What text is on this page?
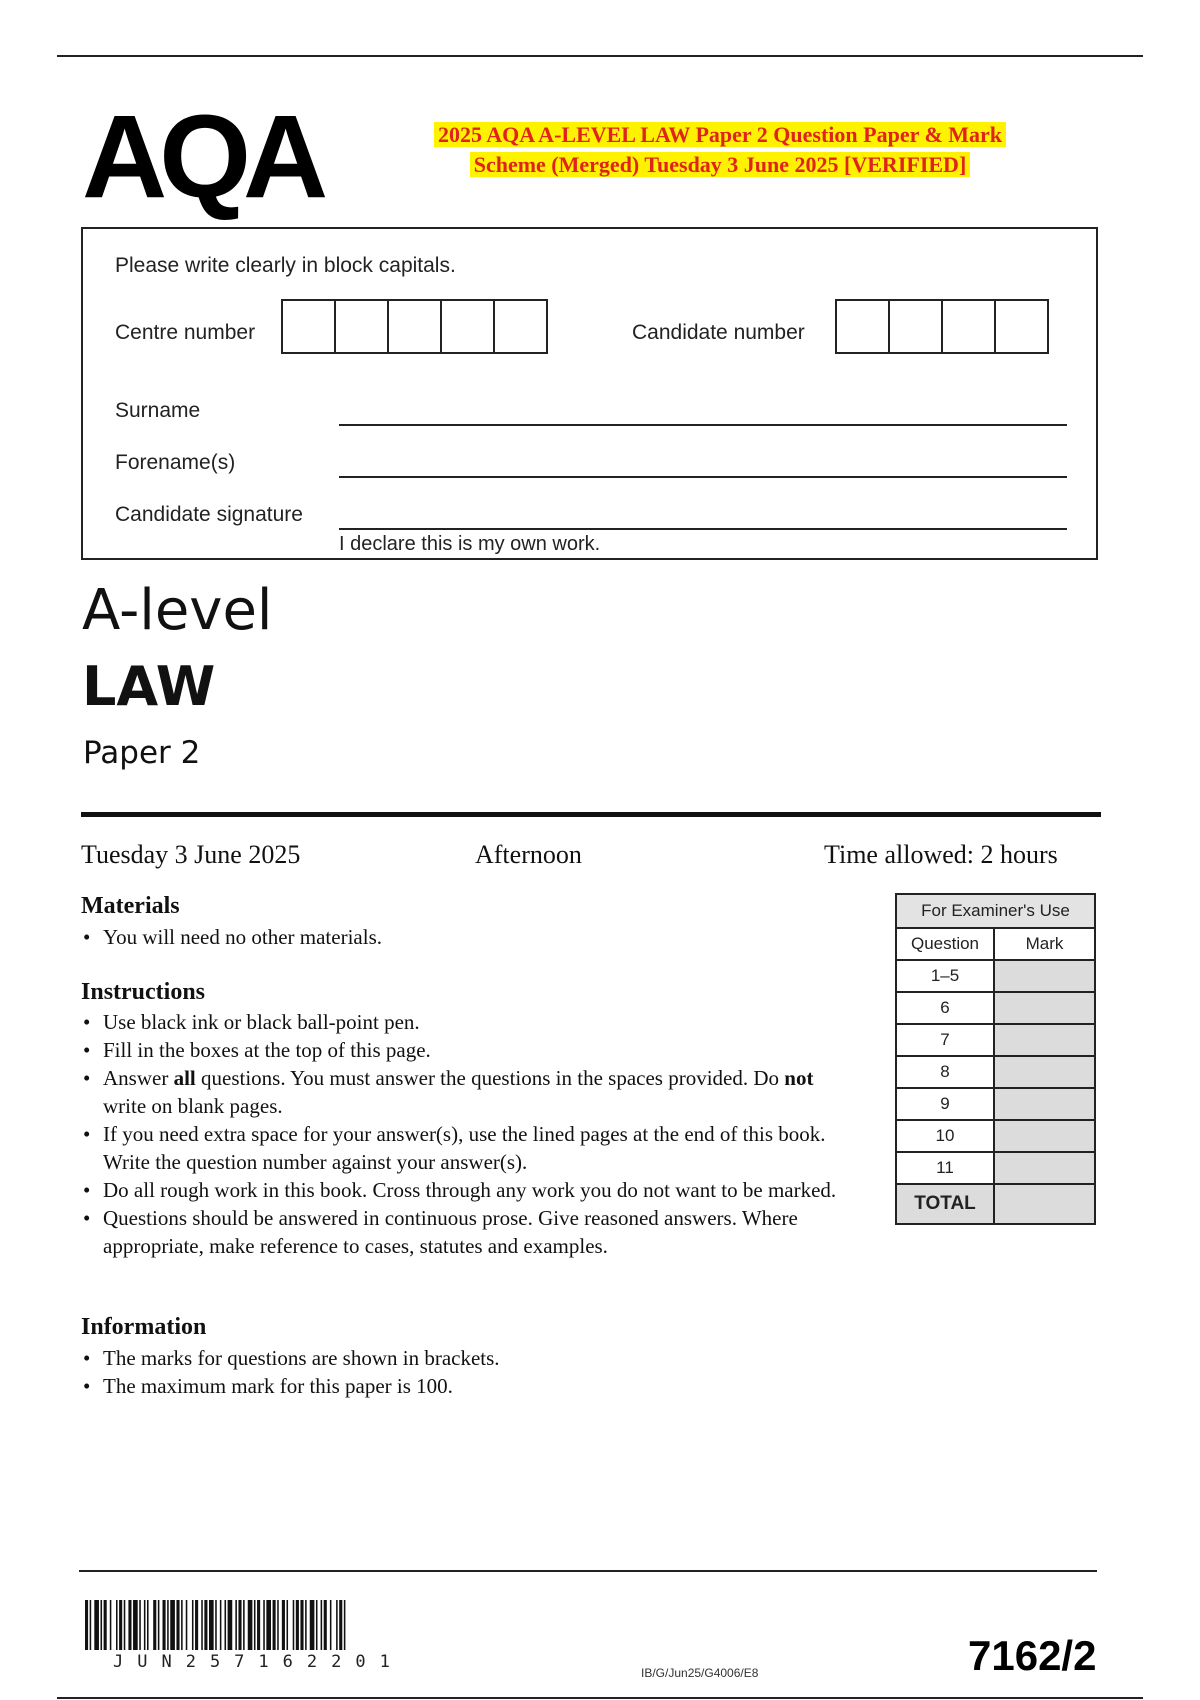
AQA	2025 AQA A-LEVEL LAW Paper 2 Question Paper & Mark
Scheme (Merged) Tuesday 3 June 2025 [VERIFIED]
Please write clearly in block capitals.
Centre number	Candidate number
Surname
Forename(s)
Candidate signature
I declare this is my own work.
A-level
LAW
Paper 2
Tuesday 3 June 2025	Afternoon	Time allowed: 2 hours
Materials
• You will need no other materials.
Instructions
• Use black ink or black ball-point pen.
• Fill in the boxes at the top of this page.
• Answer all questions. You must answer the questions in the spaces provided. Do not write on blank pages.
• If you need extra space for your answer(s), use the lined pages at the end of this book. Write the question number against your answer(s).
• Do all rough work in this book. Cross through any work you do not want to be marked.
• Questions should be answered in continuous prose. Give reasoned answers. Where appropriate, make reference to cases, statutes and examples.
Information
• The marks for questions are shown in brackets.
• The maximum mark for this paper is 100.
For Examiner's Use	
Question	Mark
1–5	
6	
7	
8	
9	
10	
11	
TOTAL	
JUN257162201
IB/G/Jun25/G4006/E8	7162/2
